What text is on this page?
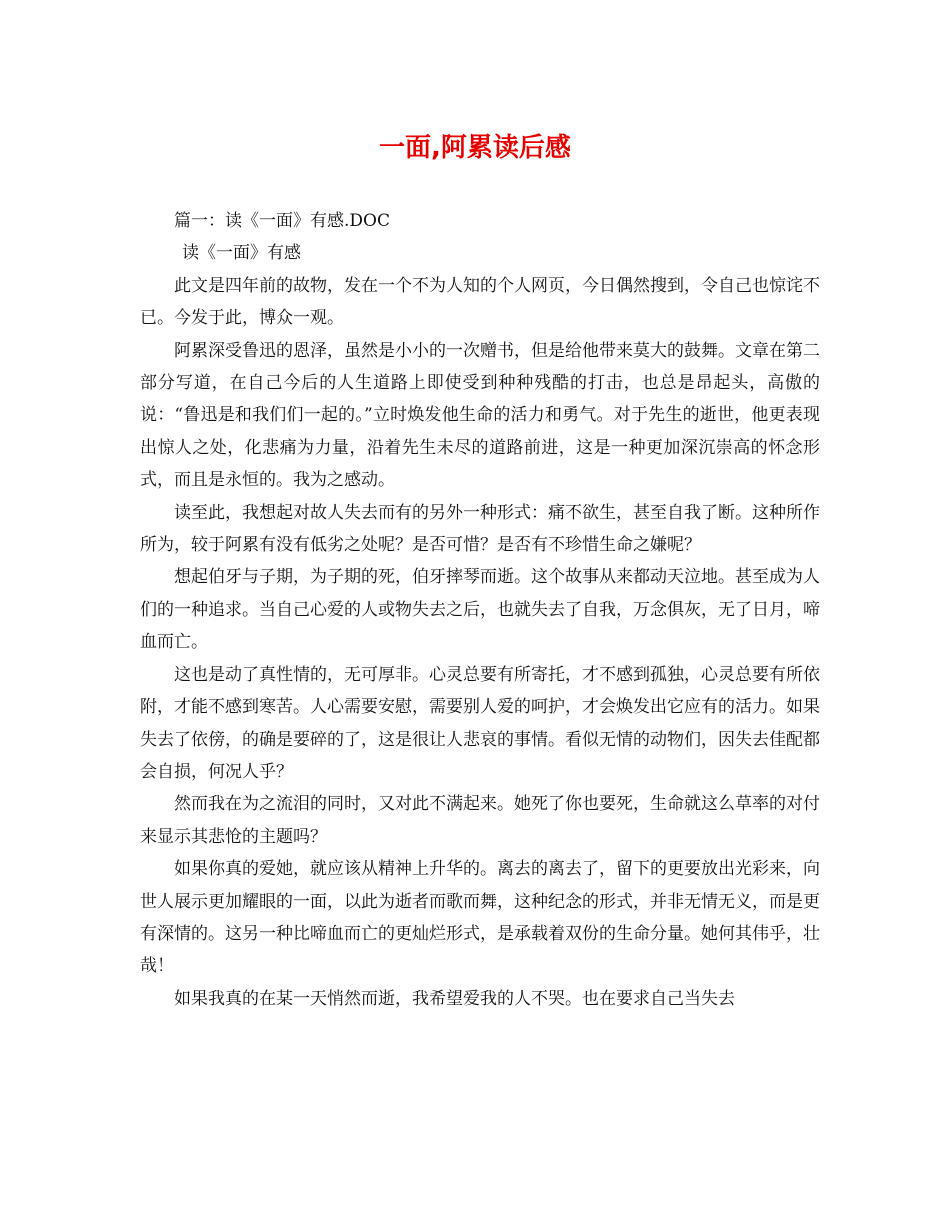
一面,阿累读后感

篇一：读《一面》有感.DOC

读《一面》有感

此文是四年前的故物，发在一个不为人知的个人网页，今日偶然搜到，令自己也惊诧不已。今发于此，博众一观。

阿累深受鲁迅的恩泽，虽然是小小的一次赠书，但是给他带来莫大的鼓舞。文章在第二部分写道，在自己今后的人生道路上即使受到种种残酷的打击，也总是昂起头，高傲的说：“鲁迅是和我们们一起的。”立时焕发他生命的活力和勇气。对于先生的逝世，他更表现出惊人之处，化悲痛为力量，沿着先生未尽的道路前进，这是一种更加深沉崇高的怀念形式，而且是永恒的。我为之感动。

读至此，我想起对故人失去而有的另外一种形式：痛不欲生，甚至自我了断。这种所作所为，较于阿累有没有低劣之处呢？是否可惜？是否有不珍惜生命之嫌呢？

想起伯牙与子期，为子期的死，伯牙摔琴而逝。这个故事从来都动天泣地。甚至成为人们的一种追求。当自己心爱的人或物失去之后，也就失去了自我，万念俱灰，无了日月，啼血而亡。

这也是动了真性情的，无可厚非。心灵总要有所寄托，才不感到孤独，心灵总要有所依附，才能不感到寒苦。人心需要安慰，需要别人爱的呵护，才会焕发出它应有的活力。如果失去了依傍，的确是要碎的了，这是很让人悲哀的事情。看似无情的动物们，因失去佳配都会自损，何况人乎？

然而我在为之流泪的同时，又对此不满起来。她死了你也要死，生命就这么草率的对付来显示其悲怆的主题吗？

如果你真的爱她，就应该从精神上升华的。离去的离去了，留下的更要放出光彩来，向世人展示更加耀眼的一面，以此为逝者而歌而舞，这种纪念的形式，并非无情无义，而是更有深情的。这另一种比啼血而亡的更灿烂形式，是承载着双份的生命分量。她何其伟乎，壮哉！

如果我真的在某一天悄然而逝，我希望爱我的人不哭。也在要求自己当失去
